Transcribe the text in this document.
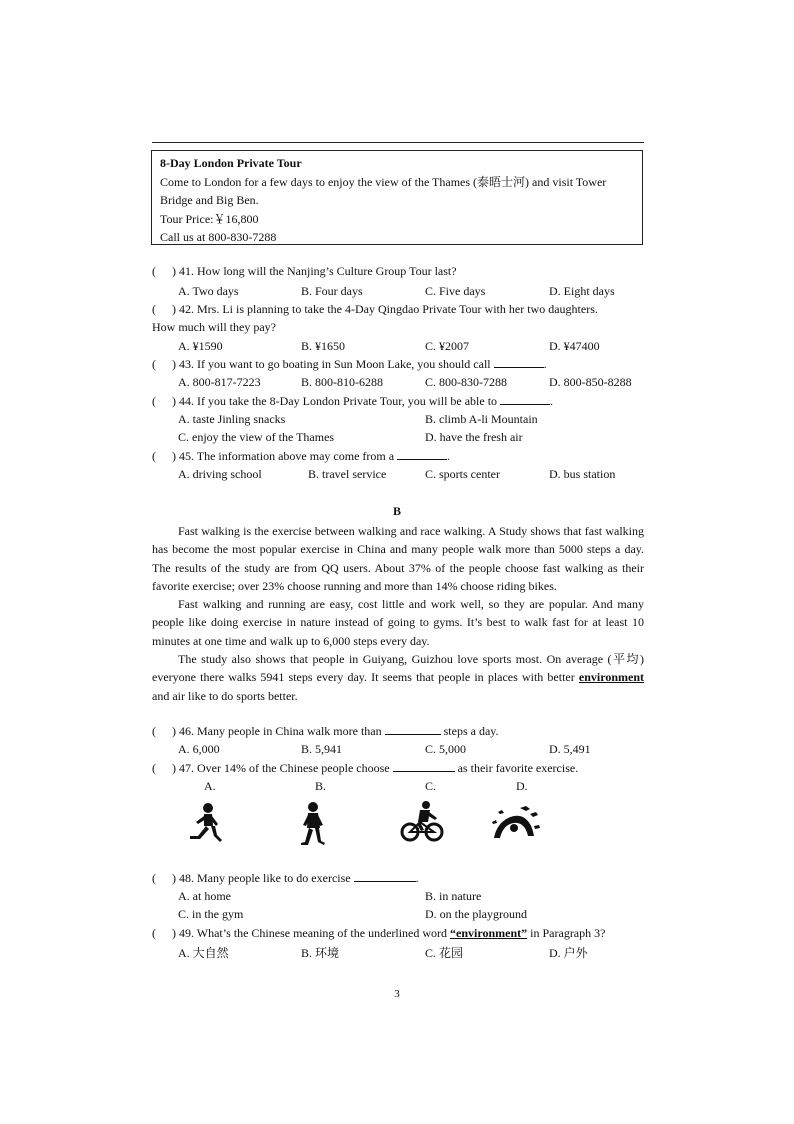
8-Day London Private Tour
Come to London for a few days to enjoy the view of the Thames (泰晤士河) and visit Tower
Bridge and Big Ben.
Tour Price:￥16,800
Call us at 800-830-7288
( ) 41. How long will the Nanjing’s Culture Group Tour last?
A. Two days	B. Four days	C. Five days	D. Eight days
( ) 42. Mrs. Li is planning to take the 4-Day Qingdao Private Tour with her two daughters.
How much will they pay?
A. ¥1590	B. ¥1650	C. ¥2007	D. ¥47400
( ) 43. If you want to go boating in Sun Moon Lake, you should call	.
A. 800-817-7223	B. 800-810-6288	C. 800-830-7288	D. 800-850-8288
( ) 44. If you take the 8-Day London Private Tour, you will be able to	.
A. taste Jinling snacks	B. climb A-li Mountain
C. enjoy the view of the Thames	D. have the fresh air
( ) 45. The information above may come from a	.
A. driving school	B. travel service	C. sports center	D. bus station
B

Fast walking is the exercise between walking and race walking. A Study shows that fast walking has become the most popular exercise in China and many people walk more than 5000 steps a day. The results of the study are from QQ users. About 37% of the people choose fast walking as their favorite exercise; over 23% choose running and more than 14% choose riding bikes.

Fast walking and running are easy, cost little and work well, so they are popular. And many people like doing exercise in nature instead of going to gyms. It’s best to walk fast for at least 10 minutes at one time and walk up to 6,000 steps every day.

The study also shows that people in Guiyang, Guizhou love sports most. On average (平均) everyone there walks 5941 steps every day. It seems that people in places with better environment and air like to do sports better.

( ) 46. Many people in China walk more than	steps a day.
A. 6,000	B. 5,941	C. 5,000	D. 5,491
( ) 47. Over 14% of the Chinese people choose	as their favorite exercise.
A.	B.	C.	D.
( ) 48. Many people like to do exercise	.
A. at home	B. in nature
C. in the gym	D. on the playground
( ) 49. What’s the Chinese meaning of the underlined word “environment” in Paragraph 3?
A. 大自然	B. 环境	C. 花园	D. 户外
3
